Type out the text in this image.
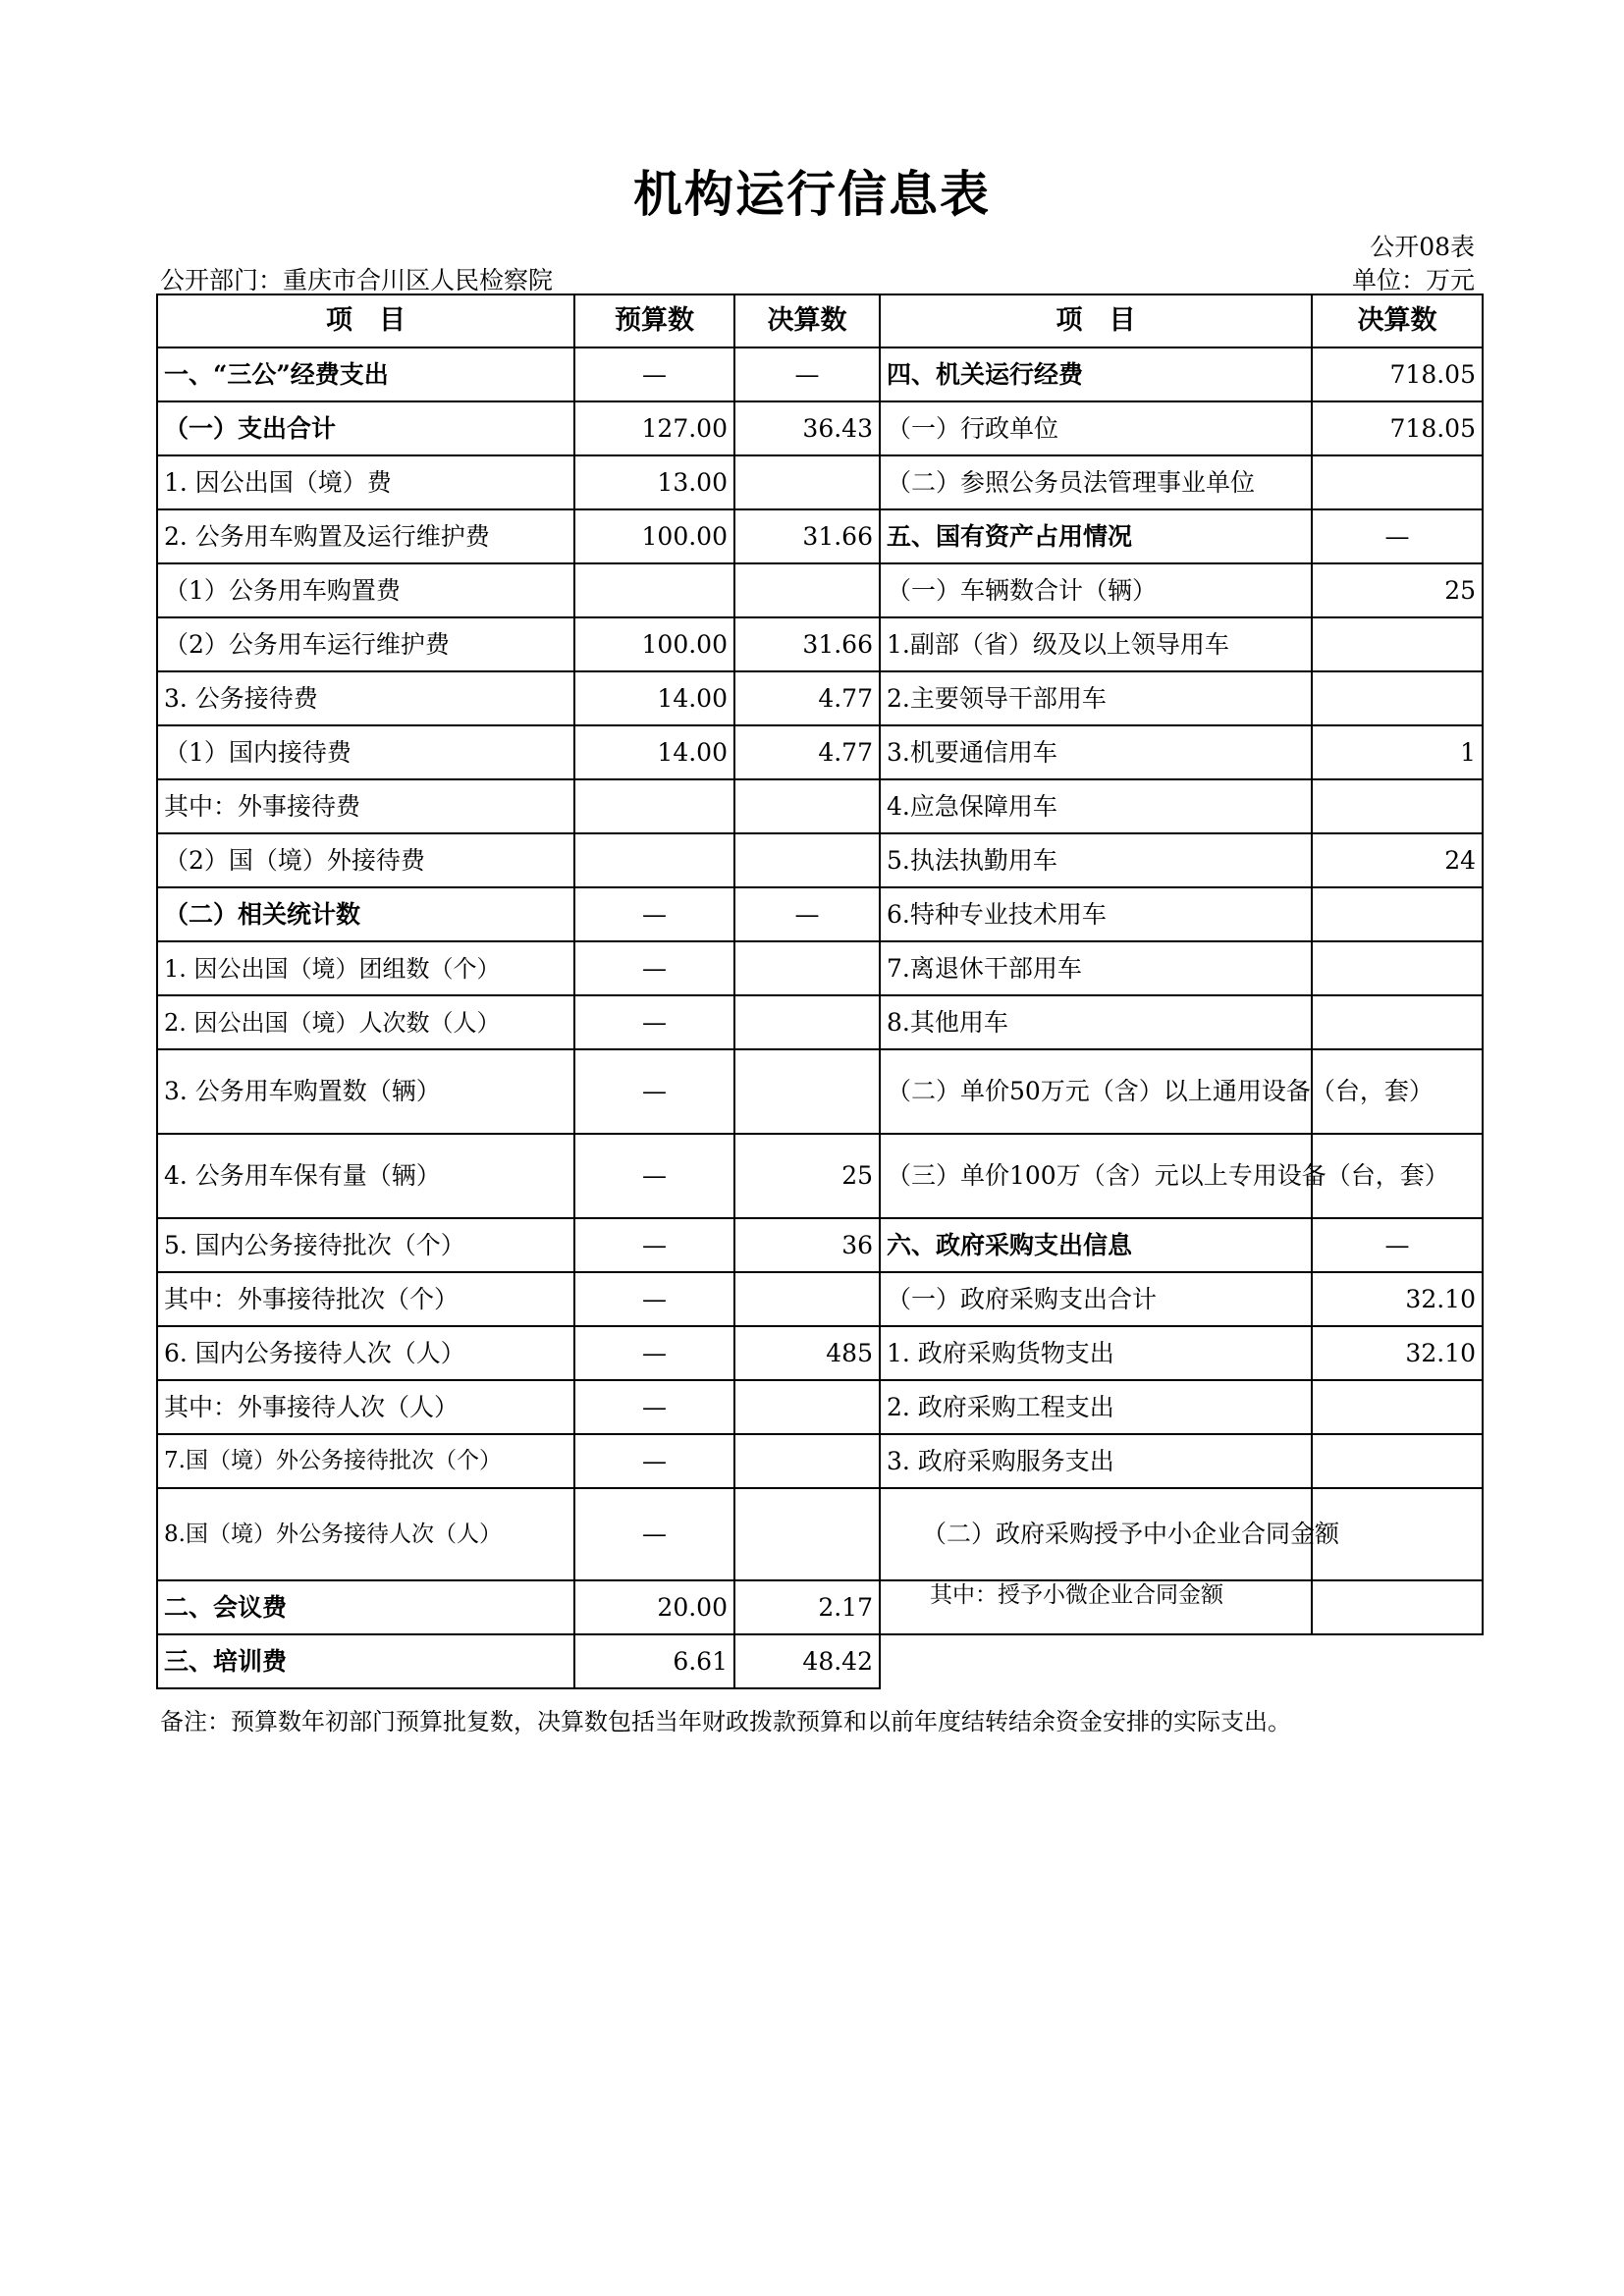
机构运行信息表
公开08表
公开部门：重庆市合川区人民检察院	单位：万元
项　目	预算数	决算数	项　目	决算数
一、“三公”经费支出	—	—	四、机关运行经费	718.05
（一）支出合计	127.00	36.43	（一）行政单位	718.05
1. 因公出国（境）费	13.00		（二）参照公务员法管理事业单位	
2. 公务用车购置及运行维护费	100.00	31.66	五、国有资产占用情况	—
（1）公务用车购置费			（一）车辆数合计（辆）	25
（2）公务用车运行维护费	100.00	31.66	1.副部（省）级及以上领导用车	
3. 公务接待费	14.00	4.77	2.主要领导干部用车	
（1）国内接待费	14.00	4.77	3.机要通信用车	1
其中：外事接待费			4.应急保障用车	
（2）国（境）外接待费			5.执法执勤用车	24
（二）相关统计数	—	—	6.特种专业技术用车	
1. 因公出国（境）团组数（个）	—		7.离退休干部用车	
2. 因公出国（境）人次数（人）	—		8.其他用车	
3. 公务用车购置数（辆）	—		（二）单价50万元（含）以上通用设备（台，套）	
4. 公务用车保有量（辆）	—	25	（三）单价100万（含）元以上专用设备（台，套）	
5. 国内公务接待批次（个）	—	36	六、政府采购支出信息	—
其中：外事接待批次（个）	—		（一）政府采购支出合计	32.10
6. 国内公务接待人次（人）	—	485	1. 政府采购货物支出	32.10
其中：外事接待人次（人）	—		2. 政府采购工程支出	
7.国（境）外公务接待批次（个）	—		3. 政府采购服务支出	
8.国（境）外公务接待人次（人）	—		（二）政府采购授予中小企业合同金额	
二、会议费	20.00	2.17	　　其中：授予小微企业合同金额	
三、培训费	6.61	48.42		
备注：预算数年初部门预算批复数，决算数包括当年财政拨款预算和以前年度结转结余资金安排的实际支出。
